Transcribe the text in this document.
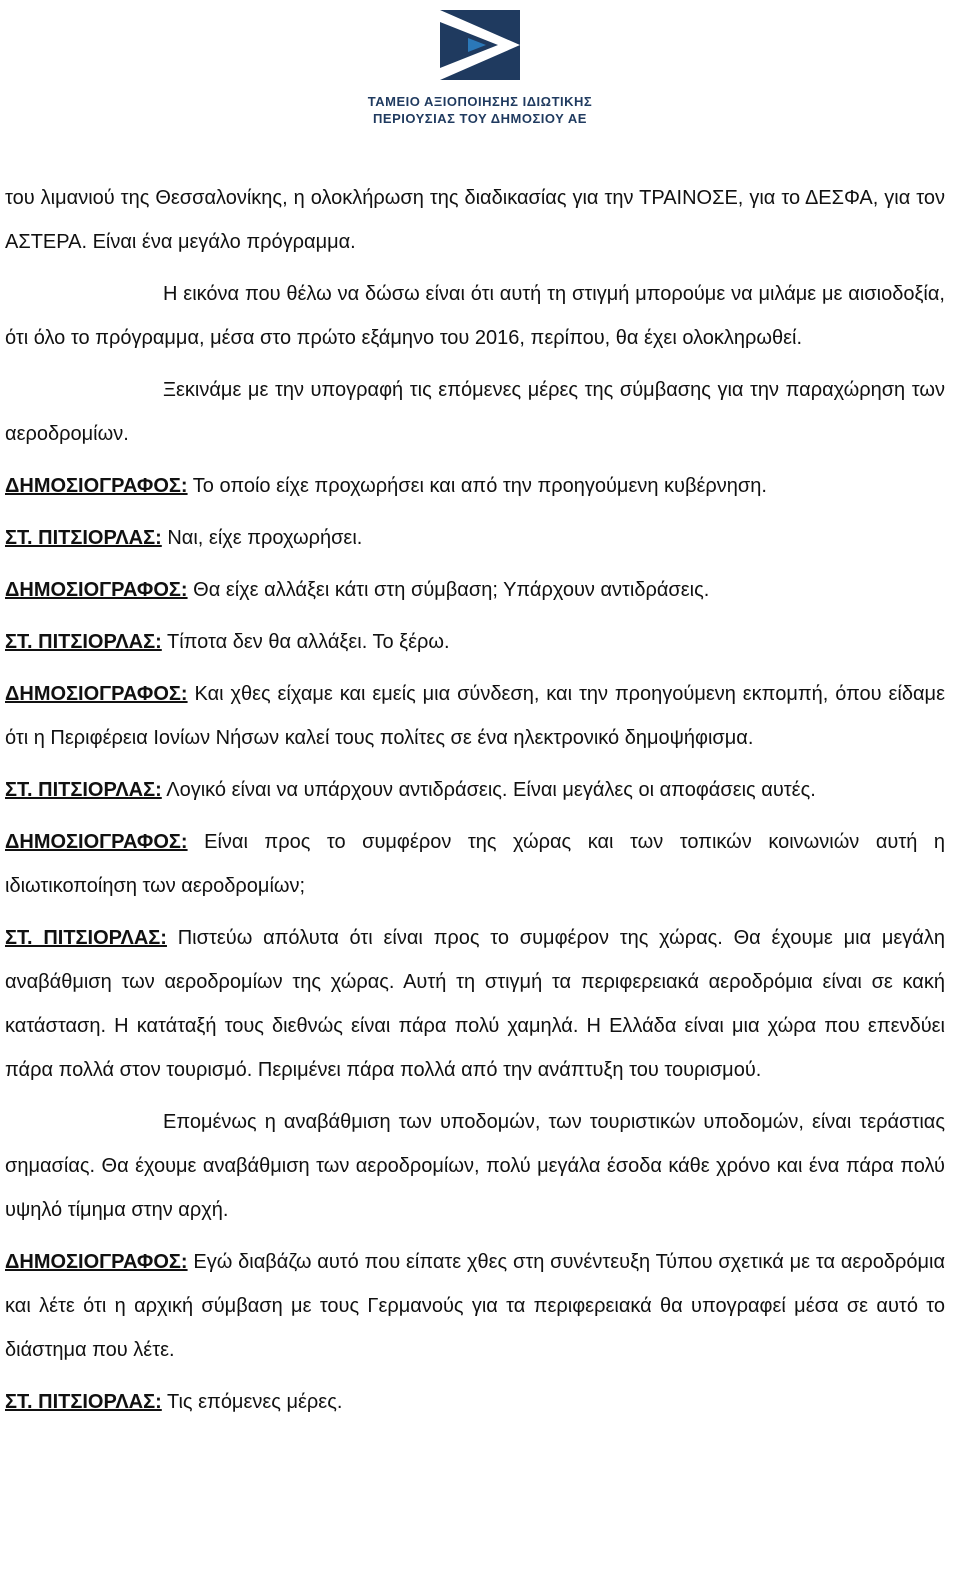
ΤΑΜΕΙΟ ΑΞΙΟΠΟΙΗΣΗΣ ΙΔΙΩΤΙΚΗΣ
ΠΕΡΙΟΥΣΙΑΣ ΤΟΥ ΔΗΜΟΣΙΟΥ ΑΕ

του λιμανιού της Θεσσαλονίκης, η ολοκλήρωση της διαδικασίας για την ΤΡΑΙΝΟΣΕ, για το ΔΕΣΦΑ, για τον ΑΣΤΕΡΑ. Είναι ένα μεγάλο πρόγραμμα.

Η εικόνα που θέλω να δώσω είναι ότι αυτή τη στιγμή μπορούμε να μιλάμε με αισιοδοξία, ότι όλο το πρόγραμμα, μέσα στο πρώτο εξάμηνο του 2016, περίπου, θα έχει ολοκληρωθεί.

Ξεκινάμε με την υπογραφή τις επόμενες μέρες της σύμβασης για την παραχώρηση των αεροδρομίων.

ΔΗΜΟΣΙΟΓΡΑΦΟΣ: Το οποίο είχε προχωρήσει και από την προηγούμενη κυβέρνηση.

ΣΤ. ΠΙΤΣΙΟΡΛΑΣ: Ναι, είχε προχωρήσει.

ΔΗΜΟΣΙΟΓΡΑΦΟΣ: Θα είχε αλλάξει κάτι στη σύμβαση; Υπάρχουν αντιδράσεις.

ΣΤ. ΠΙΤΣΙΟΡΛΑΣ: Τίποτα δεν θα αλλάξει. Το ξέρω.

ΔΗΜΟΣΙΟΓΡΑΦΟΣ: Και χθες είχαμε και εμείς μια σύνδεση, και την προηγούμενη εκπομπή, όπου είδαμε ότι η Περιφέρεια Ιονίων Νήσων καλεί τους πολίτες σε ένα ηλεκτρονικό δημοψήφισμα.

ΣΤ. ΠΙΤΣΙΟΡΛΑΣ: Λογικό είναι να υπάρχουν αντιδράσεις. Είναι μεγάλες οι αποφάσεις αυτές.

ΔΗΜΟΣΙΟΓΡΑΦΟΣ: Είναι προς το συμφέρον της χώρας και των τοπικών κοινωνιών αυτή η ιδιωτικοποίηση των αεροδρομίων;

ΣΤ. ΠΙΤΣΙΟΡΛΑΣ: Πιστεύω απόλυτα ότι είναι προς το συμφέρον της χώρας. Θα έχουμε μια μεγάλη αναβάθμιση των αεροδρομίων της χώρας. Αυτή τη στιγμή τα περιφερειακά αεροδρόμια είναι σε κακή κατάσταση. Η κατάταξή τους διεθνώς είναι πάρα πολύ χαμηλά. Η Ελλάδα είναι μια χώρα που επενδύει πάρα πολλά στον τουρισμό. Περιμένει πάρα πολλά από την ανάπτυξη του τουρισμού.

Επομένως η αναβάθμιση των υποδομών, των τουριστικών υποδομών, είναι τεράστιας σημασίας. Θα έχουμε αναβάθμιση των αεροδρομίων, πολύ μεγάλα έσοδα κάθε χρόνο και ένα πάρα πολύ υψηλό τίμημα στην αρχή.

ΔΗΜΟΣΙΟΓΡΑΦΟΣ: Εγώ διαβάζω αυτό που είπατε χθες στη συνέντευξη Τύπου σχετικά με τα αεροδρόμια και λέτε ότι η αρχική σύμβαση με τους Γερμανούς για τα περιφερειακά θα υπογραφεί μέσα σε αυτό το διάστημα που λέτε.

ΣΤ. ΠΙΤΣΙΟΡΛΑΣ: Τις επόμενες μέρες.
